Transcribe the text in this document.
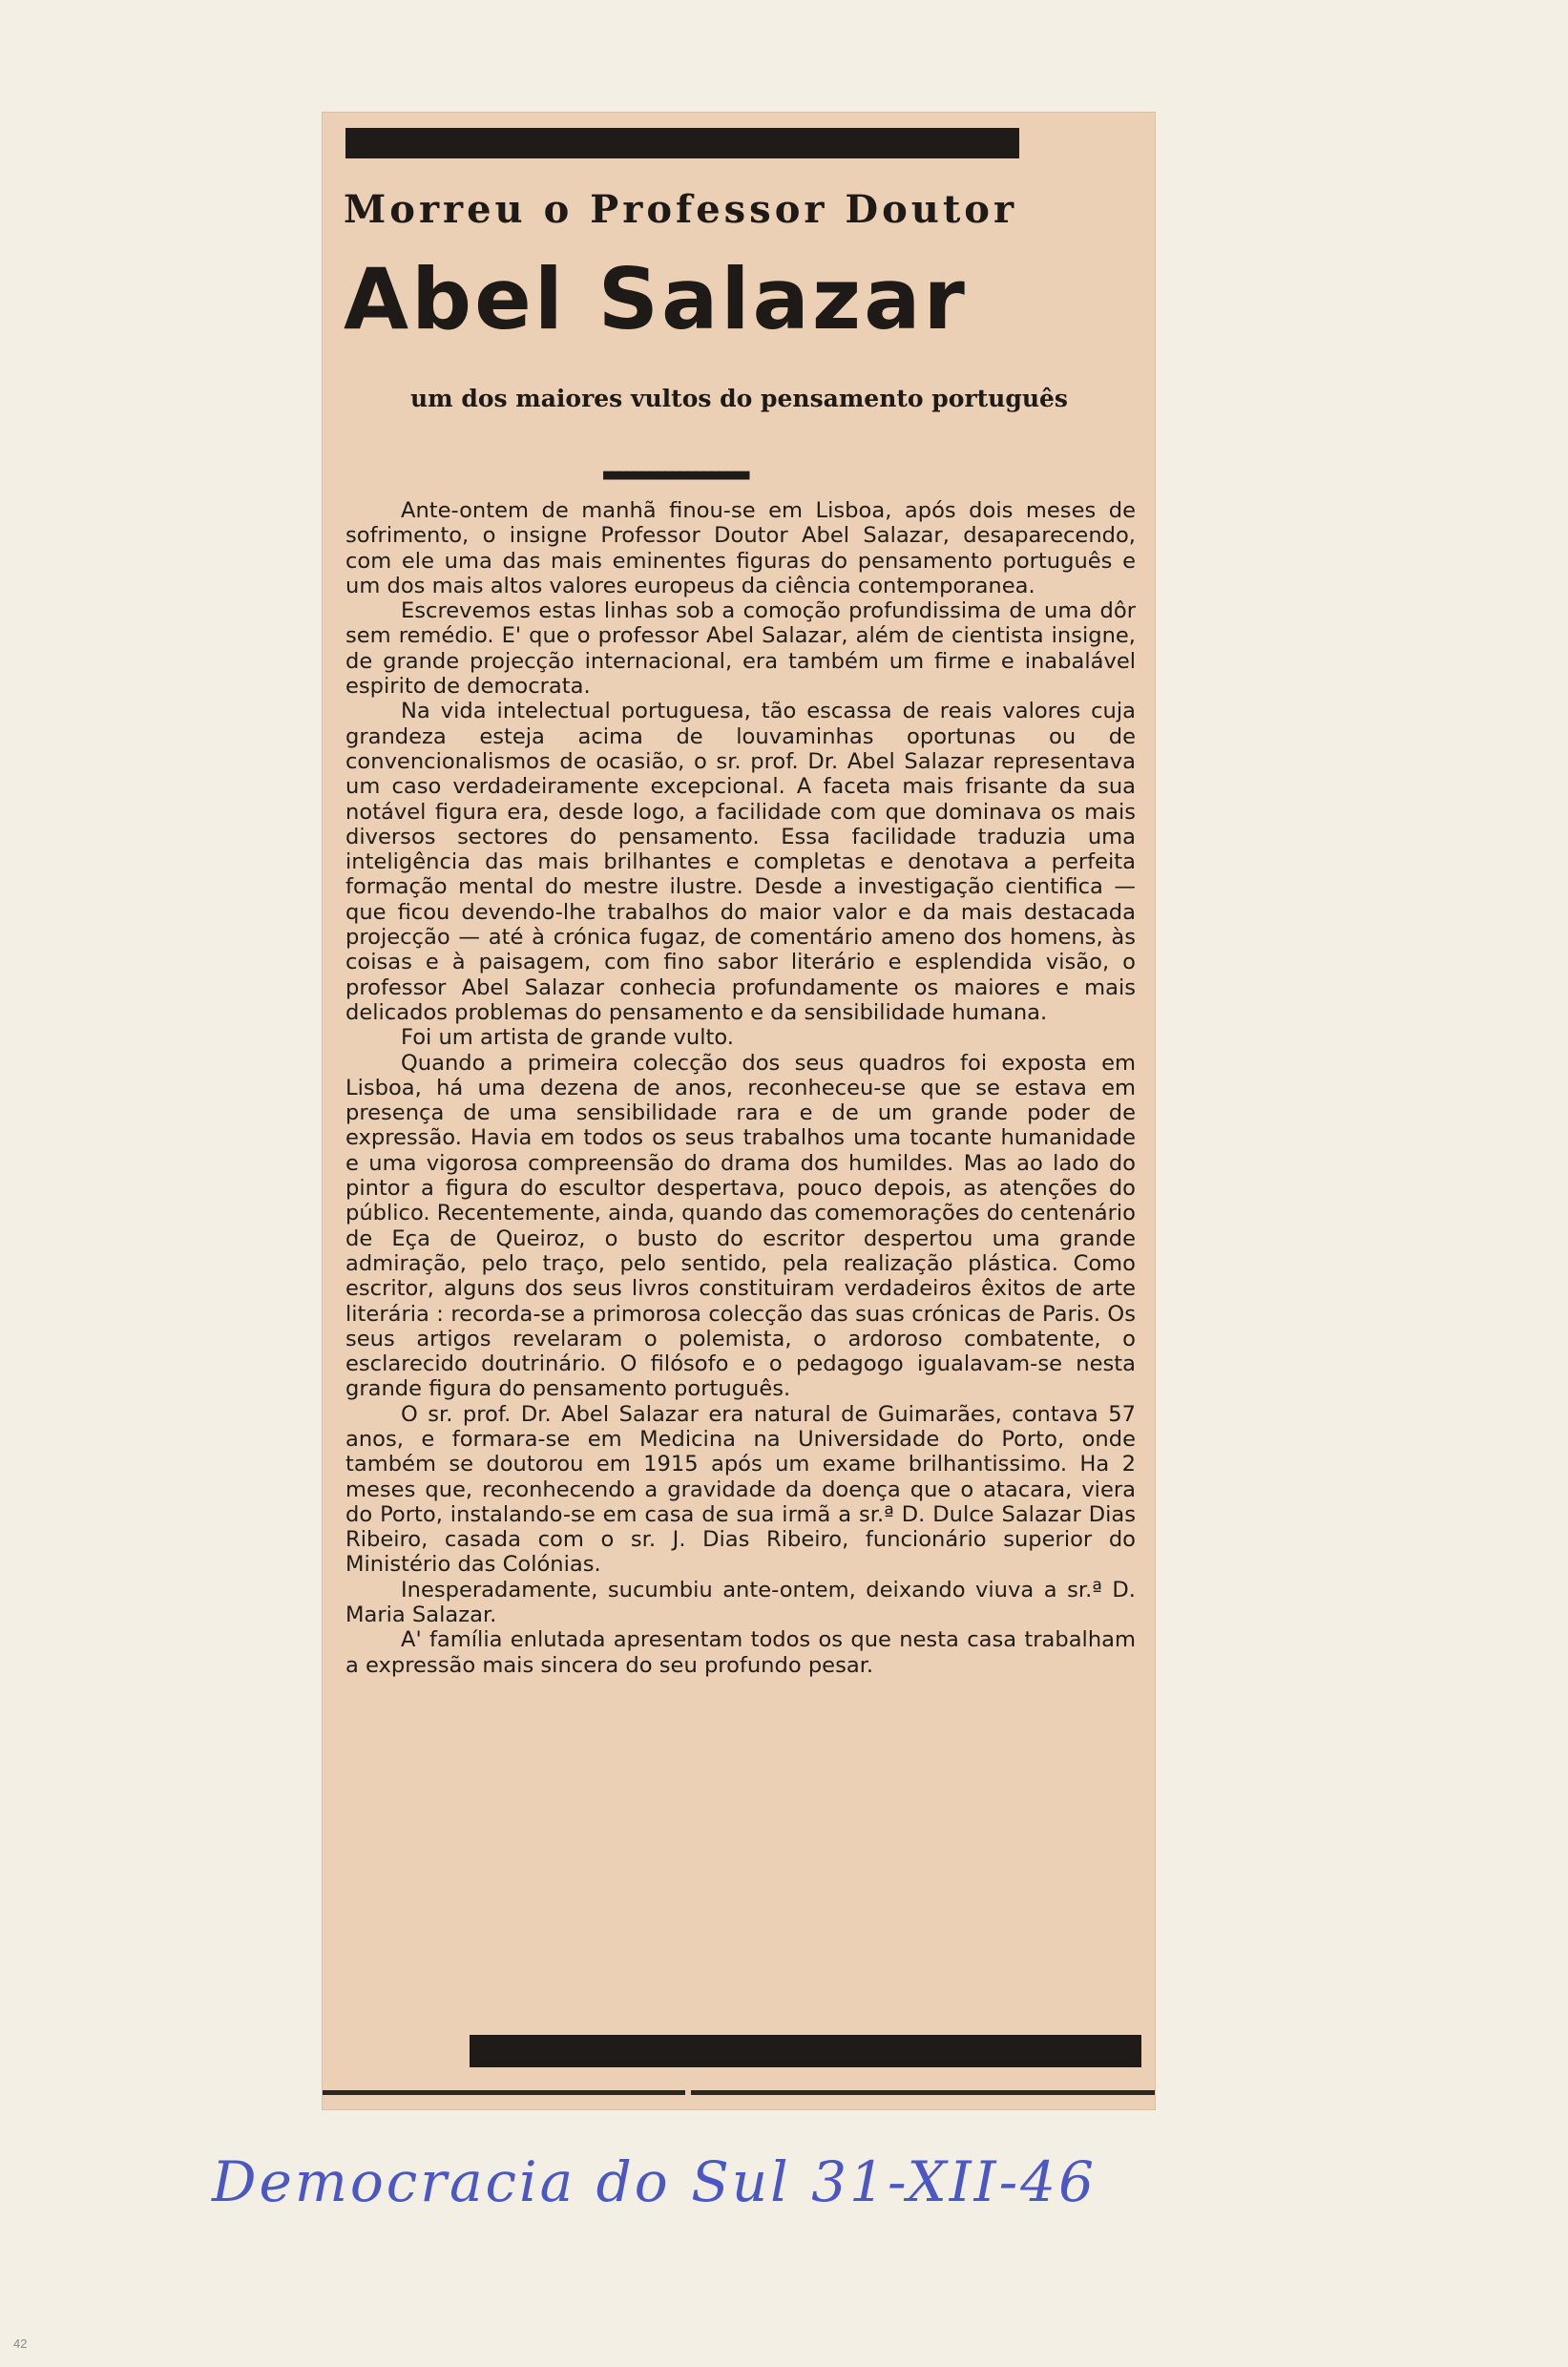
Morreu o Professor Doutor
Abel Salazar
um dos maiores vultos do pensamento português
■■■■■■■■■■■■■■■■■■■

Ante-ontem de manhã finou-se em Lisboa, após dois meses de sofrimento, o insigne Professor Doutor Abel Salazar, desaparecendo, com ele uma das mais eminentes figuras do pensamento português e um dos mais altos valores europeus da ciência contemporanea.

Escrevemos estas linhas sob a comoção profundissima de uma dôr sem remédio. E' que o professor Abel Salazar, além de cientista insigne, de grande projecção internacional, era também um firme e inabalável espirito de democrata.

Na vida intelectual portuguesa, tão escassa de reais valores cuja grandeza esteja acima de louvaminhas oportunas ou de convencionalismos de ocasião, o sr. prof. Dr. Abel Salazar representava um caso verdadeiramente excepcional. A faceta mais frisante da sua notável figura era, desde logo, a facilidade com que dominava os mais diversos sectores do pensamento. Essa facilidade traduzia uma inteligência das mais brilhantes e completas e denotava a perfeita formação mental do mestre ilustre. Desde a investigação cientifica — que ficou devendo-lhe trabalhos do maior valor e da mais destacada projecção — até à crónica fugaz, de comentário ameno dos homens, às coisas e à paisagem, com fino sabor literário e esplendida visão, o professor Abel Salazar conhecia profundamente os maiores e mais delicados problemas do pensamento e da sensibilidade humana.

Foi um artista de grande vulto.

Quando a primeira colecção dos seus quadros foi exposta em Lisboa, há uma dezena de anos, reconheceu-se que se estava em presença de uma sensibilidade rara e de um grande poder de expressão. Havia em todos os seus trabalhos uma tocante humanidade e uma vigorosa compreensão do drama dos humildes. Mas ao lado do pintor a figura do escultor despertava, pouco depois, as atenções do público. Recentemente, ainda, quando das comemorações do centenário de Eça de Queiroz, o busto do escritor despertou uma grande admiração, pelo traço, pelo sentido, pela realização plástica. Como escritor, alguns dos seus livros constituiram verdadeiros êxitos de arte literária : recorda-se a primorosa colecção das suas crónicas de Paris. Os seus artigos revelaram o polemista, o ardoroso combatente, o esclarecido doutrinário. O filósofo e o pedagogo igualavam-se nesta grande figura do pensamento português.

O sr. prof. Dr. Abel Salazar era natural de Guimarães, contava 57 anos, e formara-se em Medicina na Universidade do Porto, onde também se doutorou em 1915 após um exame brilhantissimo. Ha 2 meses que, reconhecendo a gravidade da doença que o atacara, viera do Porto, instalando-se em casa de sua irmã a sr.ª D. Dulce Salazar Dias Ribeiro, casada com o sr. J. Dias Ribeiro, funcionário superior do Ministério das Colónias.

Inesperadamente, sucumbiu ante-ontem, deixando viuva a sr.ª D. Maria Salazar.

A' família enlutada apresentam todos os que nesta casa trabalham a expressão mais sincera do seu profundo pesar.

Democracia do Sul 31-XII-46
42
